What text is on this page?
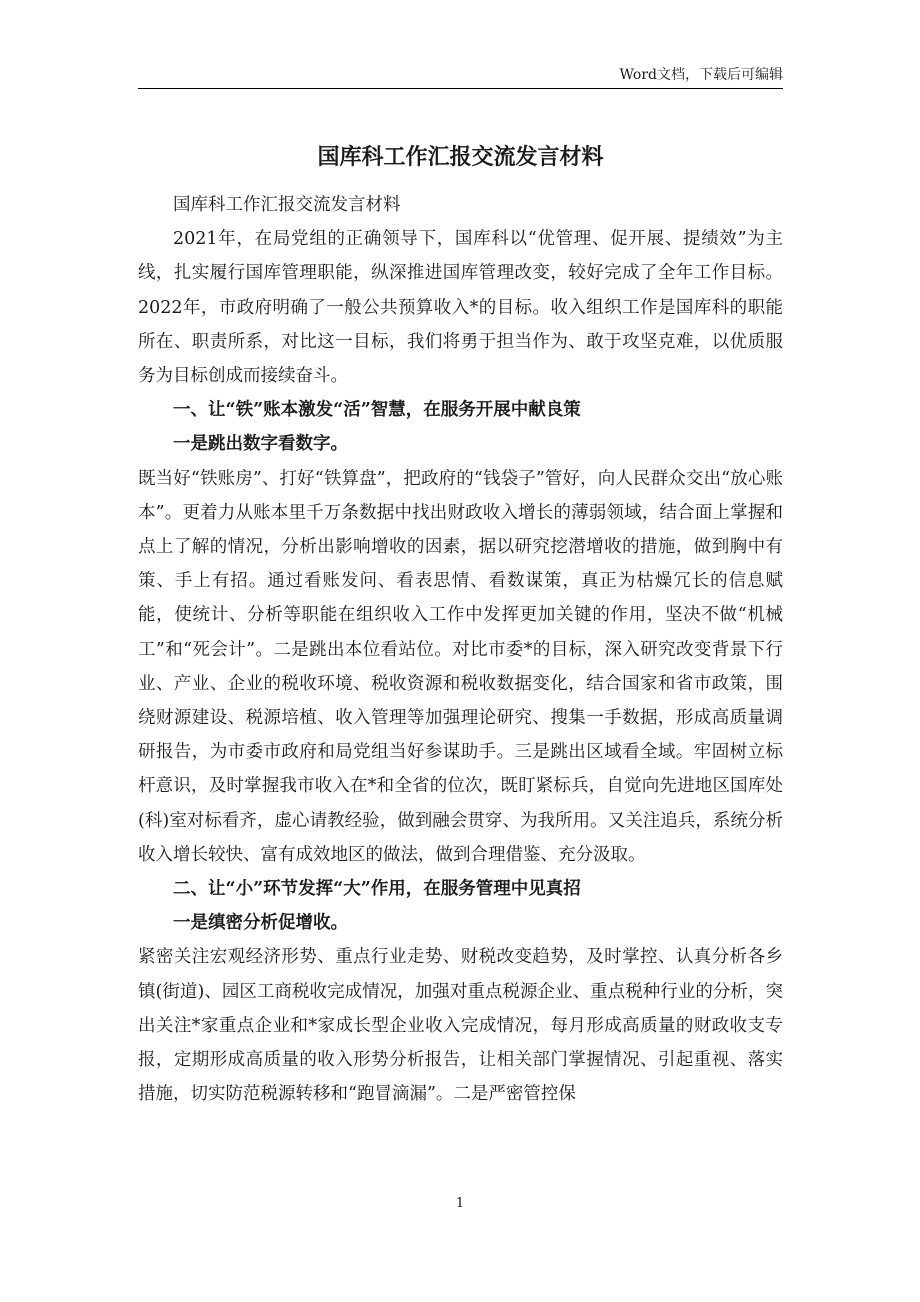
Word文档，下载后可编辑
国库科工作汇报交流发言材料

国库科工作汇报交流发言材料

2021年，在局党组的正确领导下，国库科以“优管理、促开展、提绩效”为主线，扎实履行国库管理职能，纵深推进国库管理改变，较好完成了全年工作目标。2022年，市政府明确了一般公共预算收入*的目标。收入组织工作是国库科的职能所在、职责所系，对比这一目标，我们将勇于担当作为、敢于攻坚克难，以优质服务为目标创成而接续奋斗。

一、让“铁”账本激发“活”智慧，在服务开展中献良策

一是跳出数字看数字。

既当好“铁账房”、打好“铁算盘”，把政府的“钱袋子”管好，向人民群众交出“放心账本”。更着力从账本里千万条数据中找出财政收入增长的薄弱领域，结合面上掌握和点上了解的情况，分析出影响增收的因素，据以研究挖潜增收的措施，做到胸中有策、手上有招。通过看账发问、看表思情、看数谋策，真正为枯燥冗长的信息赋能，使统计、分析等职能在组织收入工作中发挥更加关键的作用，坚决不做“机械工”和“死会计”。二是跳出本位看站位。对比市委*的目标，深入研究改变背景下行业、产业、企业的税收环境、税收资源和税收数据变化，结合国家和省市政策，围绕财源建设、税源培植、收入管理等加强理论研究、搜集一手数据，形成高质量调研报告，为市委市政府和局党组当好参谋助手。三是跳出区域看全域。牢固树立标杆意识，及时掌握我市收入在*和全省的位次，既盯紧标兵，自觉向先进地区国库处(科)室对标看齐，虚心请教经验，做到融会贯穿、为我所用。又关注追兵，系统分析收入增长较快、富有成效地区的做法，做到合理借鉴、充分汲取。

二、让“小”环节发挥“大”作用，在服务管理中见真招

一是缜密分析促增收。

紧密关注宏观经济形势、重点行业走势、财税改变趋势，及时掌控、认真分析各乡镇(街道)、园区工商税收完成情况，加强对重点税源企业、重点税种行业的分析，突出关注*家重点企业和*家成长型企业收入完成情况，每月形成高质量的财政收支专报，定期形成高质量的收入形势分析报告，让相关部门掌握情况、引起重视、落实措施，切实防范税源转移和“跑冒滴漏”。二是严密管控保

1
